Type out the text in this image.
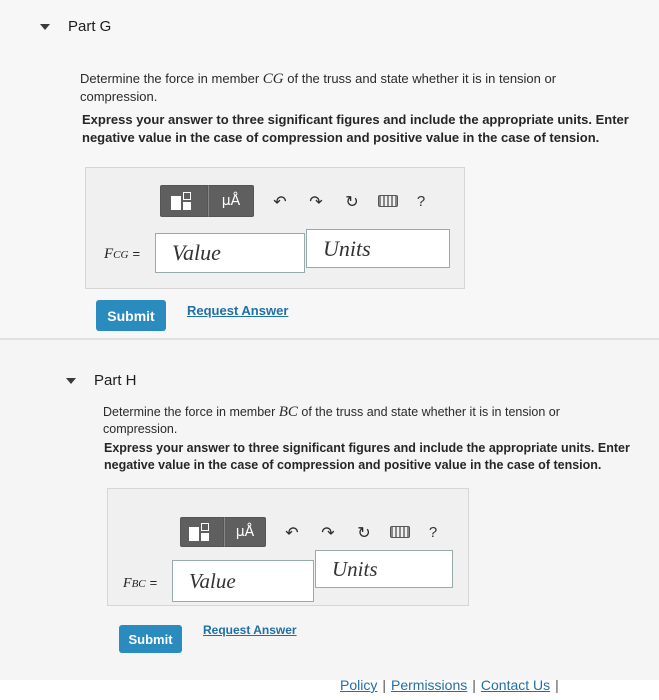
Part G
Determine the force in member CG of the truss and state whether it is in tension or compression.
Express your answer to three significant figures and include the appropriate units. Enter negative value in the case of compression and positive value in the case of tension.
μÅ	↶	↷	↻	?
FCG =	Value	Units
Submit	Request Answer
Part H
Determine the force in member BC of the truss and state whether it is in tension or compression.
Express your answer to three significant figures and include the appropriate units. Enter negative value in the case of compression and positive value in the case of tension.
μÅ	↶	↷	↻	?
FBC =	Value	Units
Submit
Request Answer
Policy | Permissions | Contact Us |
